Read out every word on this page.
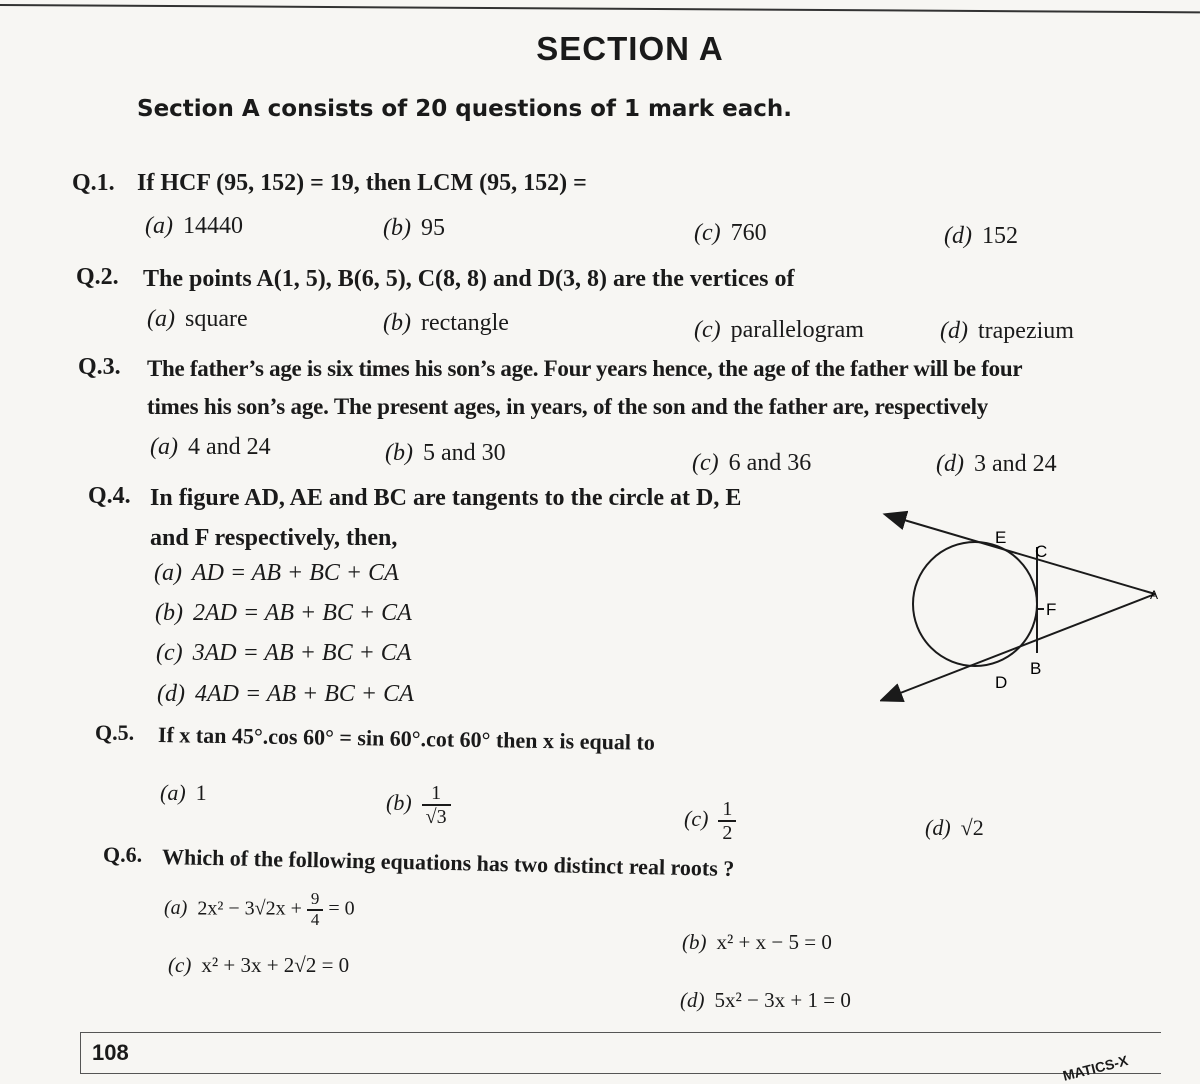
SECTION A
Section A consists of 20 questions of 1 mark each.
Q.1. If HCF (95, 152) = 19, then LCM (95, 152) =
(a) 14440	(b) 95	(c) 760	(d) 152
Q.2. The points A(1, 5), B(6, 5), C(8, 8) and D(3, 8) are the vertices of
(a) square	(b) rectangle	(c) parallelogram	(d) trapezium
Q.3. The father’s age is six times his son’s age. Four years hence, the age of the father will be four
times his son’s age. The present ages, in years, of the son and the father are, respectively
(a) 4 and 24	(b) 5 and 30	(c) 6 and 36	(d) 3 and 24
Q.4. In figure AD, AE and BC are tangents to the circle at D, E
and F respectively, then,
(a) AD = AB + BC + CA
(b) 2AD = AB + BC + CA
(c) 3AD = AB + BC + CA
(d) 4AD = AB + BC + CA
E
C
F
A
D
B
Q.5. If x tan 45°.cos 60° = sin 60°.cot 60° then x is equal to
(a) 1	$(b) \frac{1}{√3}$	$(c) \frac{1}{2}$	(d) √2
Q.6. Which of the following equations has two distinct real roots ?
(a) $2x^2 - 3√2x + \frac{9}{4} = 0$
(b) x² + x − 5 = 0
(c) x² + 3x + 2√2 = 0
(d) 5x² − 3x + 1 = 0
108	MATICS-X
